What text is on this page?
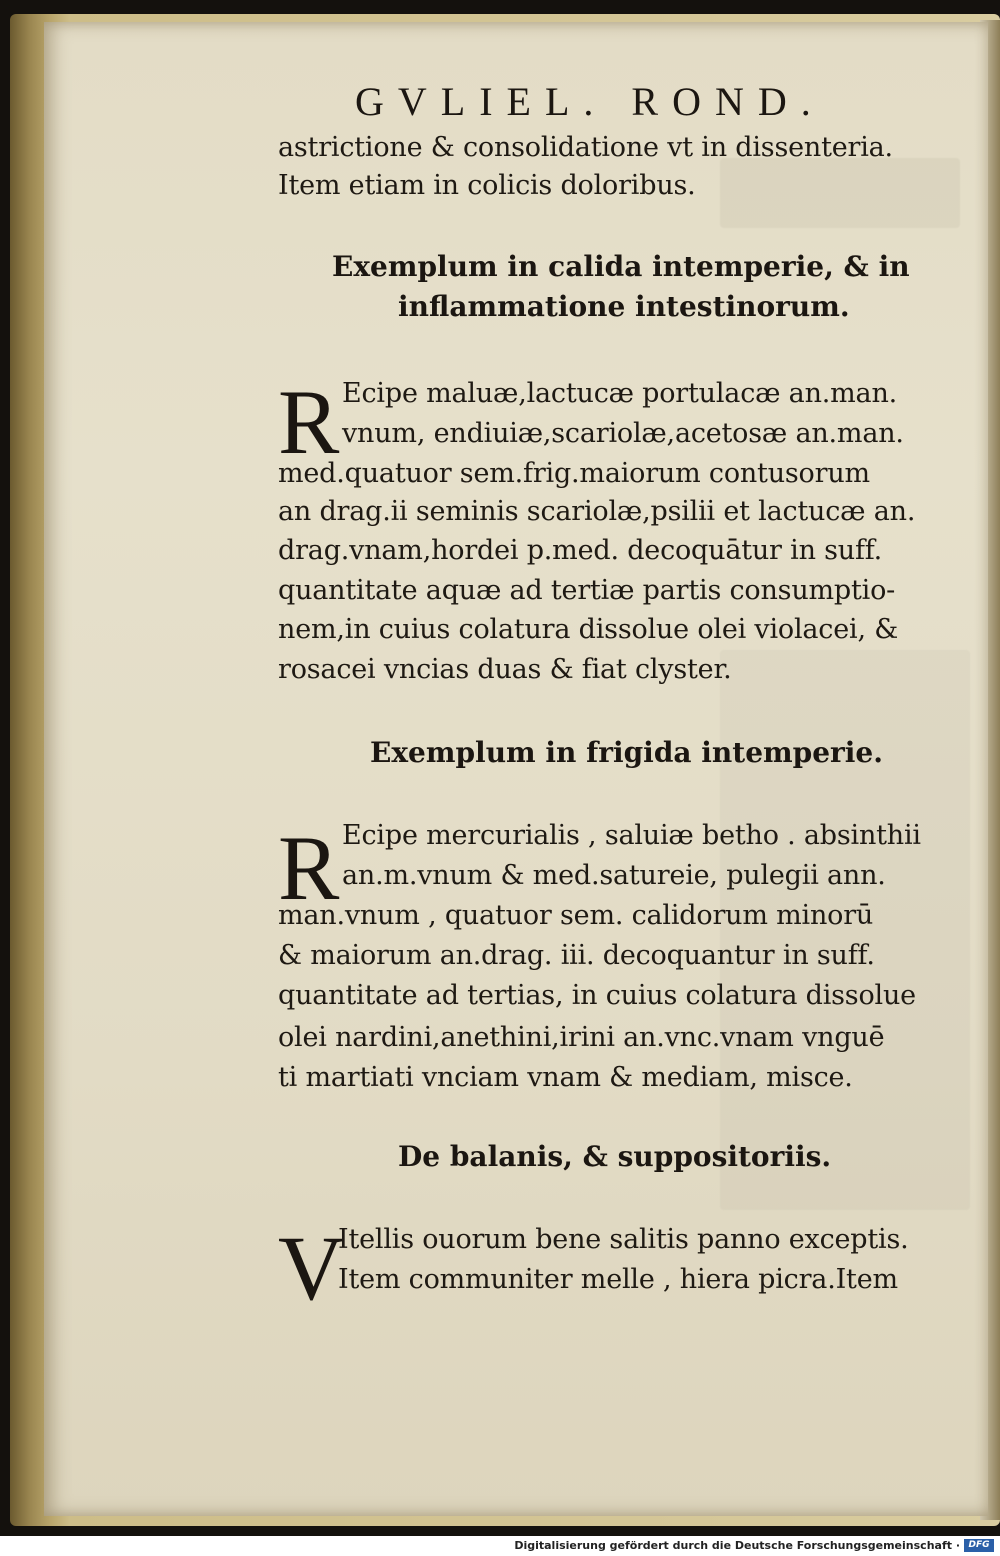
GVLIEL. ROND.
astrictione & consolidatione vt in dissenteria.
Item etiam in colicis doloribus.
Exemplum in calida intemperie, & in
inflammatione intestinorum.
R Ecipe maluæ,lactucæ portulacæ an.man.
vnum, endiuiæ,scariolæ,acetosæ an.man.
med.quatuor sem.frig.maiorum contusorum
an drag.ii seminis scariolæ,psilii et lactucæ an.
drag.vnam,hordei p.med. decoquātur in suff.
quantitate aquæ ad tertiæ partis consumptio-
nem,in cuius colatura dissolue olei violacei, &
rosacei vncias duas & fiat clyster.
Exemplum in frigida intemperie.
R Ecipe mercurialis , saluiæ betho . absinthii
an.m.vnum & med.satureie, pulegii ann.
man.vnum , quatuor sem. calidorum minorū
& maiorum an.drag. iii. decoquantur in suff.
quantitate ad tertias, in cuius colatura dissolue
olei nardini,anethini,irini an.vnc.vnam vnguē
ti martiati vnciam vnam & mediam, misce.
De balanis, & suppositoriis.
V
Itellis ouorum bene salitis panno exceptis.
Item communiter melle , hiera picra.Item
Digitalisierung gefördert durch die Deutsche Forschungsgemeinschaft · DFG
